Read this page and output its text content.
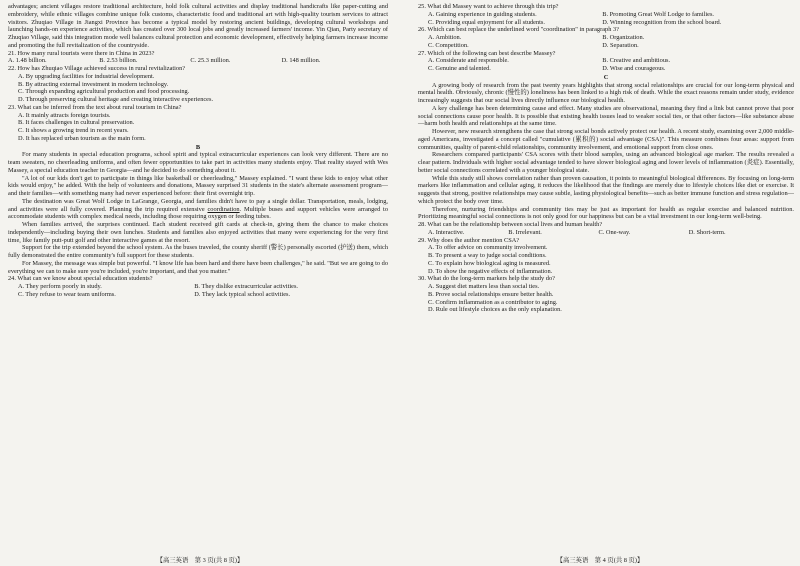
advantages; ancient villages restore traditional architecture, hold folk cultural activities and display traditional handicrafts like paper-cutting and embroidery, while ethnic villages combine unique folk customs, characteristic food and traditional art with high-quality tourism services to attract visitors. Zhuqiao Village in Jiangxi Province has become a typical model by restoring ancient buildings, developing cultural workshops and launching hands-on experience activities, which has created over 300 local jobs and greatly increased farmers' income. Yin Qian, Party secretary of Zhuqiao Village, said this integration mode well balances cultural protection and economic development, effectively helping farmers increase income and promoting the full revitalization of the countryside.

21. How many rural tourists were there in China in 2023?

A. 1.48 billion.	B. 2.53 billion.	C. 25.3 million.	D. 148 million.

22. How has Zhuqiao Village achieved success in rural revitalization?

A. By upgrading facilities for industrial development.
B. By attracting external investment in modern technology.
C. Through expanding agricultural production and food processing.
D. Through preserving cultural heritage and creating interactive experiences.

23. What can be inferred from the text about rural tourism in China?

A. It mainly attracts foreign tourists.
B. It faces challenges in cultural preservation.
C. It shows a growing trend in recent years.
D. It has replaced urban tourism as the main form.

B

For many students in special education programs, school spirit and typical extracurricular experiences can look very different. There are no team sweaters, no cheerleading uniforms, and often fewer opportunities to take part in activities many students enjoy. That reality stayed with Wes Massey, a special education teacher in Georgia—and he decided to do something about it.

"A lot of our kids don't get to participate in things like basketball or cheerleading," Massey explained. "I want these kids to enjoy what other kids would enjoy," he added. With the help of volunteers and donations, Massey surprised 31 students in the state's alternate assessment program—and their families—with something many had never experienced before: their first overnight trip.

The destination was Great Wolf Lodge in LaGrange, Georgia, and families didn't have to pay a single dollar. Transportation, meals, lodging, and activities were all fully covered. Planning the trip required extensive coordination. Multiple buses and support vehicles were arranged to accommodate students with complex medical needs, including those requiring oxygen or feeding tubes.

When families arrived, the surprises continued. Each student received gift cards at check-in, giving them the chance to make choices independently—including buying their own lunches. Students and families also enjoyed activities that many were experiencing for the very first time, like family putt-putt golf and other interactive games at the resort.

Support for the trip extended beyond the school system. As the buses traveled, the county sheriff (警长) personally escorted (护送) them, which fully demonstrated the entire community's full support for these students.

For Massey, the message was simple but powerful. "I know life has been hard and there have been challenges," he said. "But we are going to do everything we can to make sure you're included, you're important, and that you matter."

24. What can we know about special education students?

A. They perform poorly in study.	B. They dislike extracurricular activities.
C. They refuse to wear team uniforms.	D. They lack typical school activities.

25. What did Massey want to achieve through this trip?

A. Gaining experience in guiding students.	B. Promoting Great Wolf Lodge to families.
C. Providing equal enjoyment for all students.	D. Winning recognition from the school board.

26. Which can best replace the underlined word "coordination" in paragraph 3?

A. Ambition.	B. Organization.
C. Competition.	D. Separation.

27. Which of the following can best describe Massey?

A. Considerate and responsible.	B. Creative and ambitious.
C. Genuine and talented.	D. Wise and courageous.

C

A growing body of research from the past twenty years highlights that strong social relationships are crucial for our long-term physical and mental health. Obviously, chronic (慢性的) loneliness has been linked to a high risk of death. While the exact reasons remain under study, evidence increasingly suggests that our social lives directly influence our biological health.

A key challenge has been determining cause and effect. Many studies are observational, meaning they find a link but cannot prove that poor social connections cause poor health. It is possible that existing health issues lead to weaker social ties, or that other factors—like substance abuse—harm both health and relationships at the same time.

However, new research strengthens the case that strong social bonds actively protect our health. A recent study, examining over 2,000 middle-aged Americans, investigated a concept called "cumulative (累积的) social advantage (CSA)". This measure combines four areas: support from communities, quality of parent-child relationships, community involvement, and emotional support from close ones.

Researchers compared participants' CSA scores with their blood samples, using an advanced biological age marker. The results revealed a clear pattern. Individuals with higher social advantage tended to have slower biological aging and lower levels of inflammation (炎症). Essentially, better social connections correlated with a younger biological state.

While this study still shows correlation rather than proven causation, it points to meaningful biological differences. By focusing on long-term markers like inflammation and cellular aging, it reduces the likelihood that the findings are merely due to lifestyle choices like diet or exercise. It suggests that strong, positive relationships may cause subtle, lasting physiological benefits—such as better immune function and stress regulation—which protect the body over time.

Therefore, nurturing friendships and community ties may be just as important for health as regular exercise and balanced nutrition. Prioritizing meaningful social connections is not only good for our happiness but can be a vital investment in our long-term well-being.

28. What can be the relationship between social lives and human health?

A. Interactive.	B. Irrelevant.	C. One-way.	D. Short-term.

29. Why does the author mention CSA?

A. To offer advice on community involvement.
B. To present a way to judge social conditions.
C. To explain how biological aging is measured.
D. To show the negative effects of inflammation.

30. What do the long-term markers help the study do?

A. Suggest diet matters less than social ties.
B. Prove social relationships ensure better health.
C. Confirm inflammation as a contributor to aging.
D. Rule out lifestyle choices as the only explanation.
【高三英语　第 3 页(共 8 页)】	【高三英语　第 4 页(共 8 页)】
